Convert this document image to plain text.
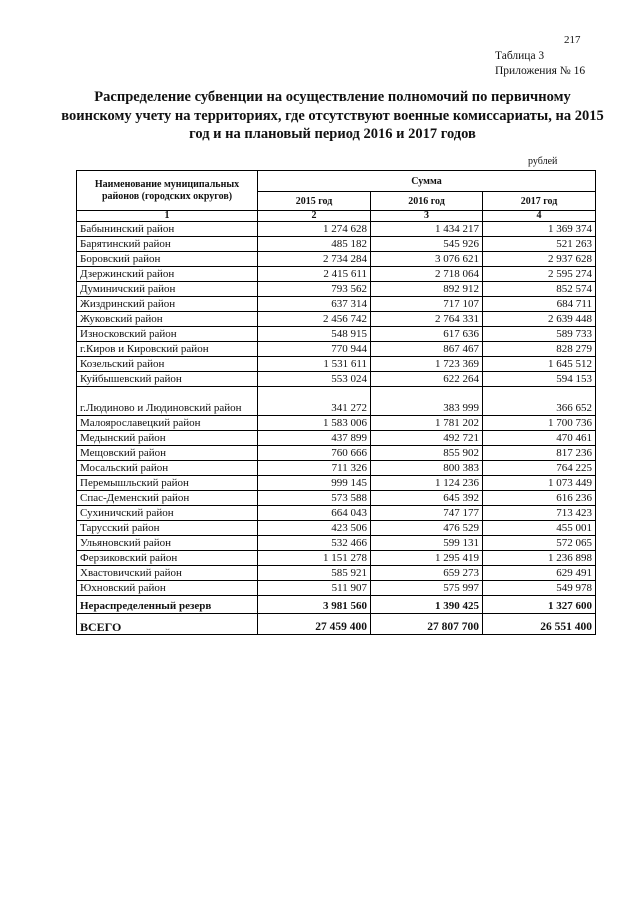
217
Таблица 3
Приложения № 16
Распределение субвенции на осуществление полномочий по первичному воинскому учету на территориях, где отсутствуют военные комиссариаты, на 2015 год и на плановый период 2016 и 2017 годов
рублей
Наименование муниципальных районов (городских округов)	Сумма		
	2015 год	2016 год	2017 год
1	2	3	4
Бабынинский район	1 274 628	1 434 217	1 369 374
Барятинский район	485 182	545 926	521 263
Боровский район	2 734 284	3 076 621	2 937 628
Дзержинский район	2 415 611	2 718 064	2 595 274
Думиничский район	793 562	892 912	852 574
Жиздринский район	637 314	717 107	684 711
Жуковский район	2 456 742	2 764 331	2 639 448
Износковский район	548 915	617 636	589 733
г.Киров и Кировский район	770 944	867 467	828 279
Козельский район	1 531 611	1 723 369	1 645 512
Куйбышевский район	553 024	622 264	594 153
г.Людиново и Людиновский район	341 272	383 999	366 652
Малоярославецкий район	1 583 006	1 781 202	1 700 736
Медынский район	437 899	492 721	470 461
Мещовский район	760 666	855 902	817 236
Мосальский район	711 326	800 383	764 225
Перемышльский район	999 145	1 124 236	1 073 449
Спас-Деменский район	573 588	645 392	616 236
Сухиничский район	664 043	747 177	713 423
Тарусский район	423 506	476 529	455 001
Ульяновский район	532 466	599 131	572 065
Ферзиковский район	1 151 278	1 295 419	1 236 898
Хвастовичский район	585 921	659 273	629 491
Юхновский район	511 907	575 997	549 978
Нераспределенный резерв	3 981 560	1 390 425	1 327 600
ВСЕГО	27 459 400	27 807 700	26 551 400
